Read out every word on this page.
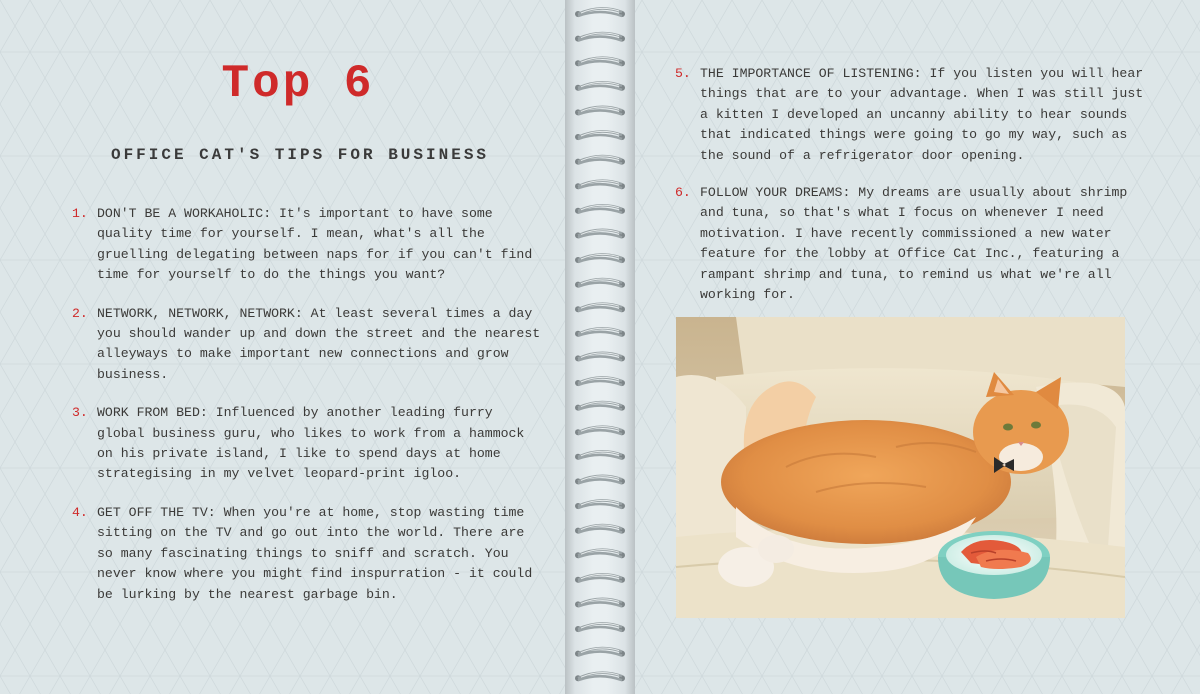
Top 6
OFFICE CAT'S TIPS FOR BUSINESS
1. DON'T BE A WORKAHOLIC: It's important to have some quality time for yourself. I mean, what's all the gruelling delegating between naps for if you can't find time for yourself to do the things you want?
2. NETWORK, NETWORK, NETWORK: At least several times a day you should wander up and down the street and the nearest alleyways to make important new connections and grow business.
3. WORK FROM BED: Influenced by another leading furry global business guru, who likes to work from a hammock on his private island, I like to spend days at home strategising in my velvet leopard-print igloo.
4. GET OFF THE TV: When you're at home, stop wasting time sitting on the TV and go out into the world. There are so many fascinating things to sniff and scratch. You never know where you might find inspurration - it could be lurking by the nearest garbage bin.
5. THE IMPORTANCE OF LISTENING: If you listen you will hear things that are to your advantage. When I was still just a kitten I developed an uncanny ability to hear sounds that indicated things were going to go my way, such as the sound of a refrigerator door opening.
6. FOLLOW YOUR DREAMS: My dreams are usually about shrimp and tuna, so that's what I focus on whenever I need motivation. I have recently commissioned a new water feature for the lobby at Office Cat Inc., featuring a rampant shrimp and tuna, to remind us what we're all working for.
